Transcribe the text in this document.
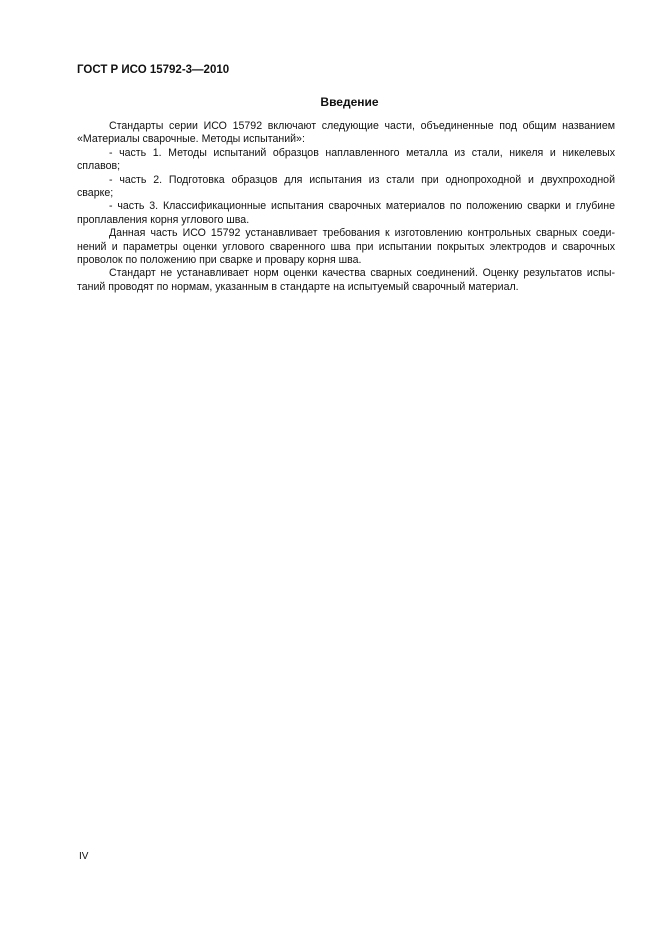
ГОСТ Р ИСО 15792-3—2010
Введение

Стандарты серии ИСО 15792 включают следующие части, объединенные под общим названием
«Материалы сварочные. Методы испытаний»:

- часть 1. Методы испытаний образцов наплавленного металла из стали, никеля и никелевых
сплавов;

- часть 2. Подготовка образцов для испытания из стали при однопроходной и двухпроходной
сварке;

- часть 3. Классификационные испытания сварочных материалов по положению сварки и глубине
проплавления корня углового шва.

Данная часть ИСО 15792 устанавливает требования к изготовлению контрольных сварных соеди-
нений и параметры оценки углового сваренного шва при испытании покрытых электродов и сварочных
проволок по положению при сварке и провару корня шва.

Стандарт не устанавливает норм оценки качества сварных соединений. Оценку результатов испы-
таний проводят по нормам, указанным в стандарте на испытуемый сварочный материал.

IV
